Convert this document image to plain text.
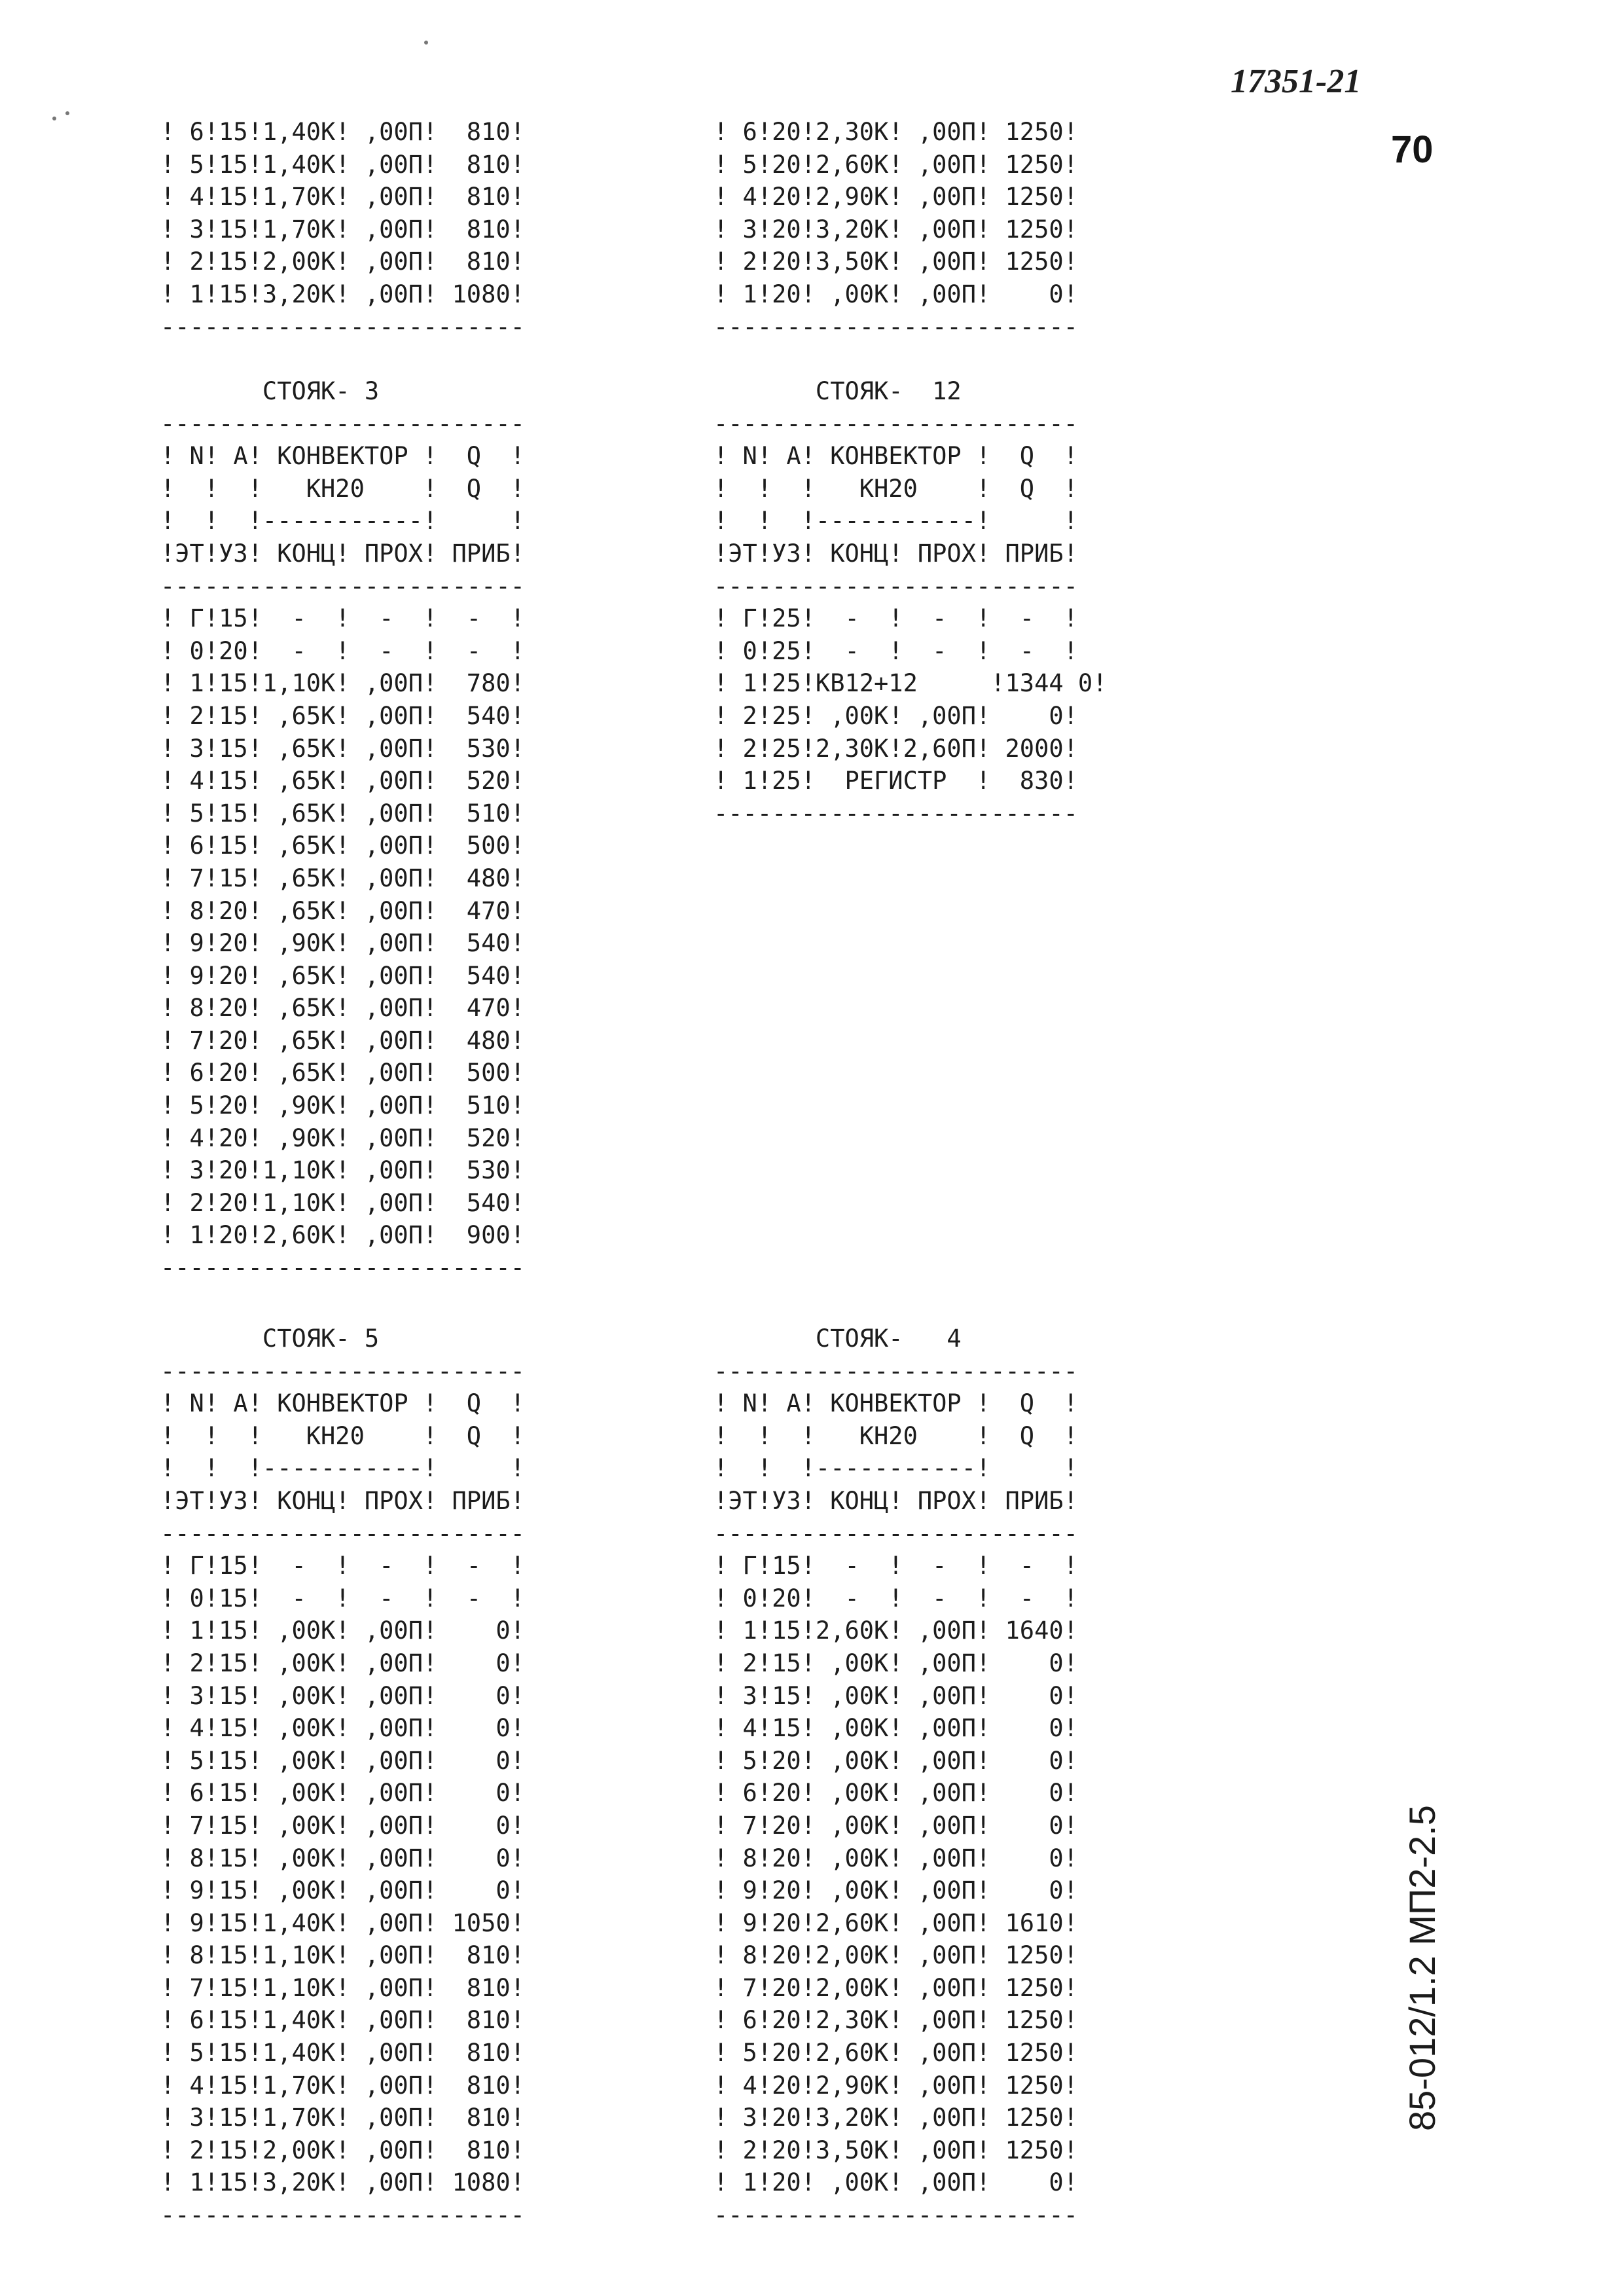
17351-21
70
85-012/1.2 МП2-2.5
! 6!15!1,40К! ,00П!  810!
! 5!15!1,40К! ,00П!  810!
! 4!15!1,70К! ,00П!  810!
! 3!15!1,70К! ,00П!  810!
! 2!15!2,00К! ,00П!  810!
! 1!15!3,20К! ,00П! 1080!
-------------------------
! 6!20!2,30К! ,00П! 1250!
! 5!20!2,60К! ,00П! 1250!
! 4!20!2,90К! ,00П! 1250!
! 3!20!3,20К! ,00П! 1250!
! 2!20!3,50К! ,00П! 1250!
! 1!20! ,00К! ,00П!    0!
-------------------------
СТОЯК- 3
-------------------------
! N! А! КОНВЕКТОР !  Q  !
!  !  !   КН20    !  Q  !
!  !  !-----------!     !
!ЭТ!УЗ! КОНЦ! ПРОХ! ПРИБ!
-------------------------
! Г!15!  -  !  -  !  -  !
! 0!20!  -  !  -  !  -  !
! 1!15!1,10К! ,00П!  780!
! 2!15! ,65К! ,00П!  540!
! 3!15! ,65К! ,00П!  530!
! 4!15! ,65К! ,00П!  520!
! 5!15! ,65К! ,00П!  510!
! 6!15! ,65К! ,00П!  500!
! 7!15! ,65К! ,00П!  480!
! 8!20! ,65К! ,00П!  470!
! 9!20! ,90К! ,00П!  540!
! 9!20! ,65К! ,00П!  540!
! 8!20! ,65К! ,00П!  470!
! 7!20! ,65К! ,00П!  480!
! 6!20! ,65К! ,00П!  500!
! 5!20! ,90К! ,00П!  510!
! 4!20! ,90К! ,00П!  520!
! 3!20!1,10К! ,00П!  530!
! 2!20!1,10К! ,00П!  540!
! 1!20!2,60К! ,00П!  900!
-------------------------
СТОЯК-  12
-------------------------
! N! А! КОНВЕКТОР !  Q  !
!  !  !   КН20    !  Q  !
!  !  !-----------!     !
!ЭТ!УЗ! КОНЦ! ПРОХ! ПРИБ!
-------------------------
! Г!25!  -  !  -  !  -  !
! 0!25!  -  !  -  !  -  !
! 1!25!КВ12+12     !1344 0!
! 2!25! ,00К! ,00П!    0!
! 2!25!2,30К!2,60П! 2000!
! 1!25!  РЕГИСТР  !  830!
-------------------------
СТОЯК- 5
-------------------------
! N! А! КОНВЕКТОР !  Q  !
!  !  !   КН20    !  Q  !
!  !  !-----------!     !
!ЭТ!УЗ! КОНЦ! ПРОХ! ПРИБ!
-------------------------
! Г!15!  -  !  -  !  -  !
! 0!15!  -  !  -  !  -  !
! 1!15! ,00К! ,00П!    0!
! 2!15! ,00К! ,00П!    0!
! 3!15! ,00К! ,00П!    0!
! 4!15! ,00К! ,00П!    0!
! 5!15! ,00К! ,00П!    0!
! 6!15! ,00К! ,00П!    0!
! 7!15! ,00К! ,00П!    0!
! 8!15! ,00К! ,00П!    0!
! 9!15! ,00К! ,00П!    0!
! 9!15!1,40К! ,00П! 1050!
! 8!15!1,10К! ,00П!  810!
! 7!15!1,10К! ,00П!  810!
! 6!15!1,40К! ,00П!  810!
! 5!15!1,40К! ,00П!  810!
! 4!15!1,70К! ,00П!  810!
! 3!15!1,70К! ,00П!  810!
! 2!15!2,00К! ,00П!  810!
! 1!15!3,20К! ,00П! 1080!
-------------------------
СТОЯК-   4
-------------------------
! N! А! КОНВЕКТОР !  Q  !
!  !  !   КН20    !  Q  !
!  !  !-----------!     !
!ЭТ!УЗ! КОНЦ! ПРОХ! ПРИБ!
-------------------------
! Г!15!  -  !  -  !  -  !
! 0!20!  -  !  -  !  -  !
! 1!15!2,60К! ,00П! 1640!
! 2!15! ,00К! ,00П!    0!
! 3!15! ,00К! ,00П!    0!
! 4!15! ,00К! ,00П!    0!
! 5!20! ,00К! ,00П!    0!
! 6!20! ,00К! ,00П!    0!
! 7!20! ,00К! ,00П!    0!
! 8!20! ,00К! ,00П!    0!
! 9!20! ,00К! ,00П!    0!
! 9!20!2,60К! ,00П! 1610!
! 8!20!2,00К! ,00П! 1250!
! 7!20!2,00К! ,00П! 1250!
! 6!20!2,30К! ,00П! 1250!
! 5!20!2,60К! ,00П! 1250!
! 4!20!2,90К! ,00П! 1250!
! 3!20!3,20К! ,00П! 1250!
! 2!20!3,50К! ,00П! 1250!
! 1!20! ,00К! ,00П!    0!
-------------------------
